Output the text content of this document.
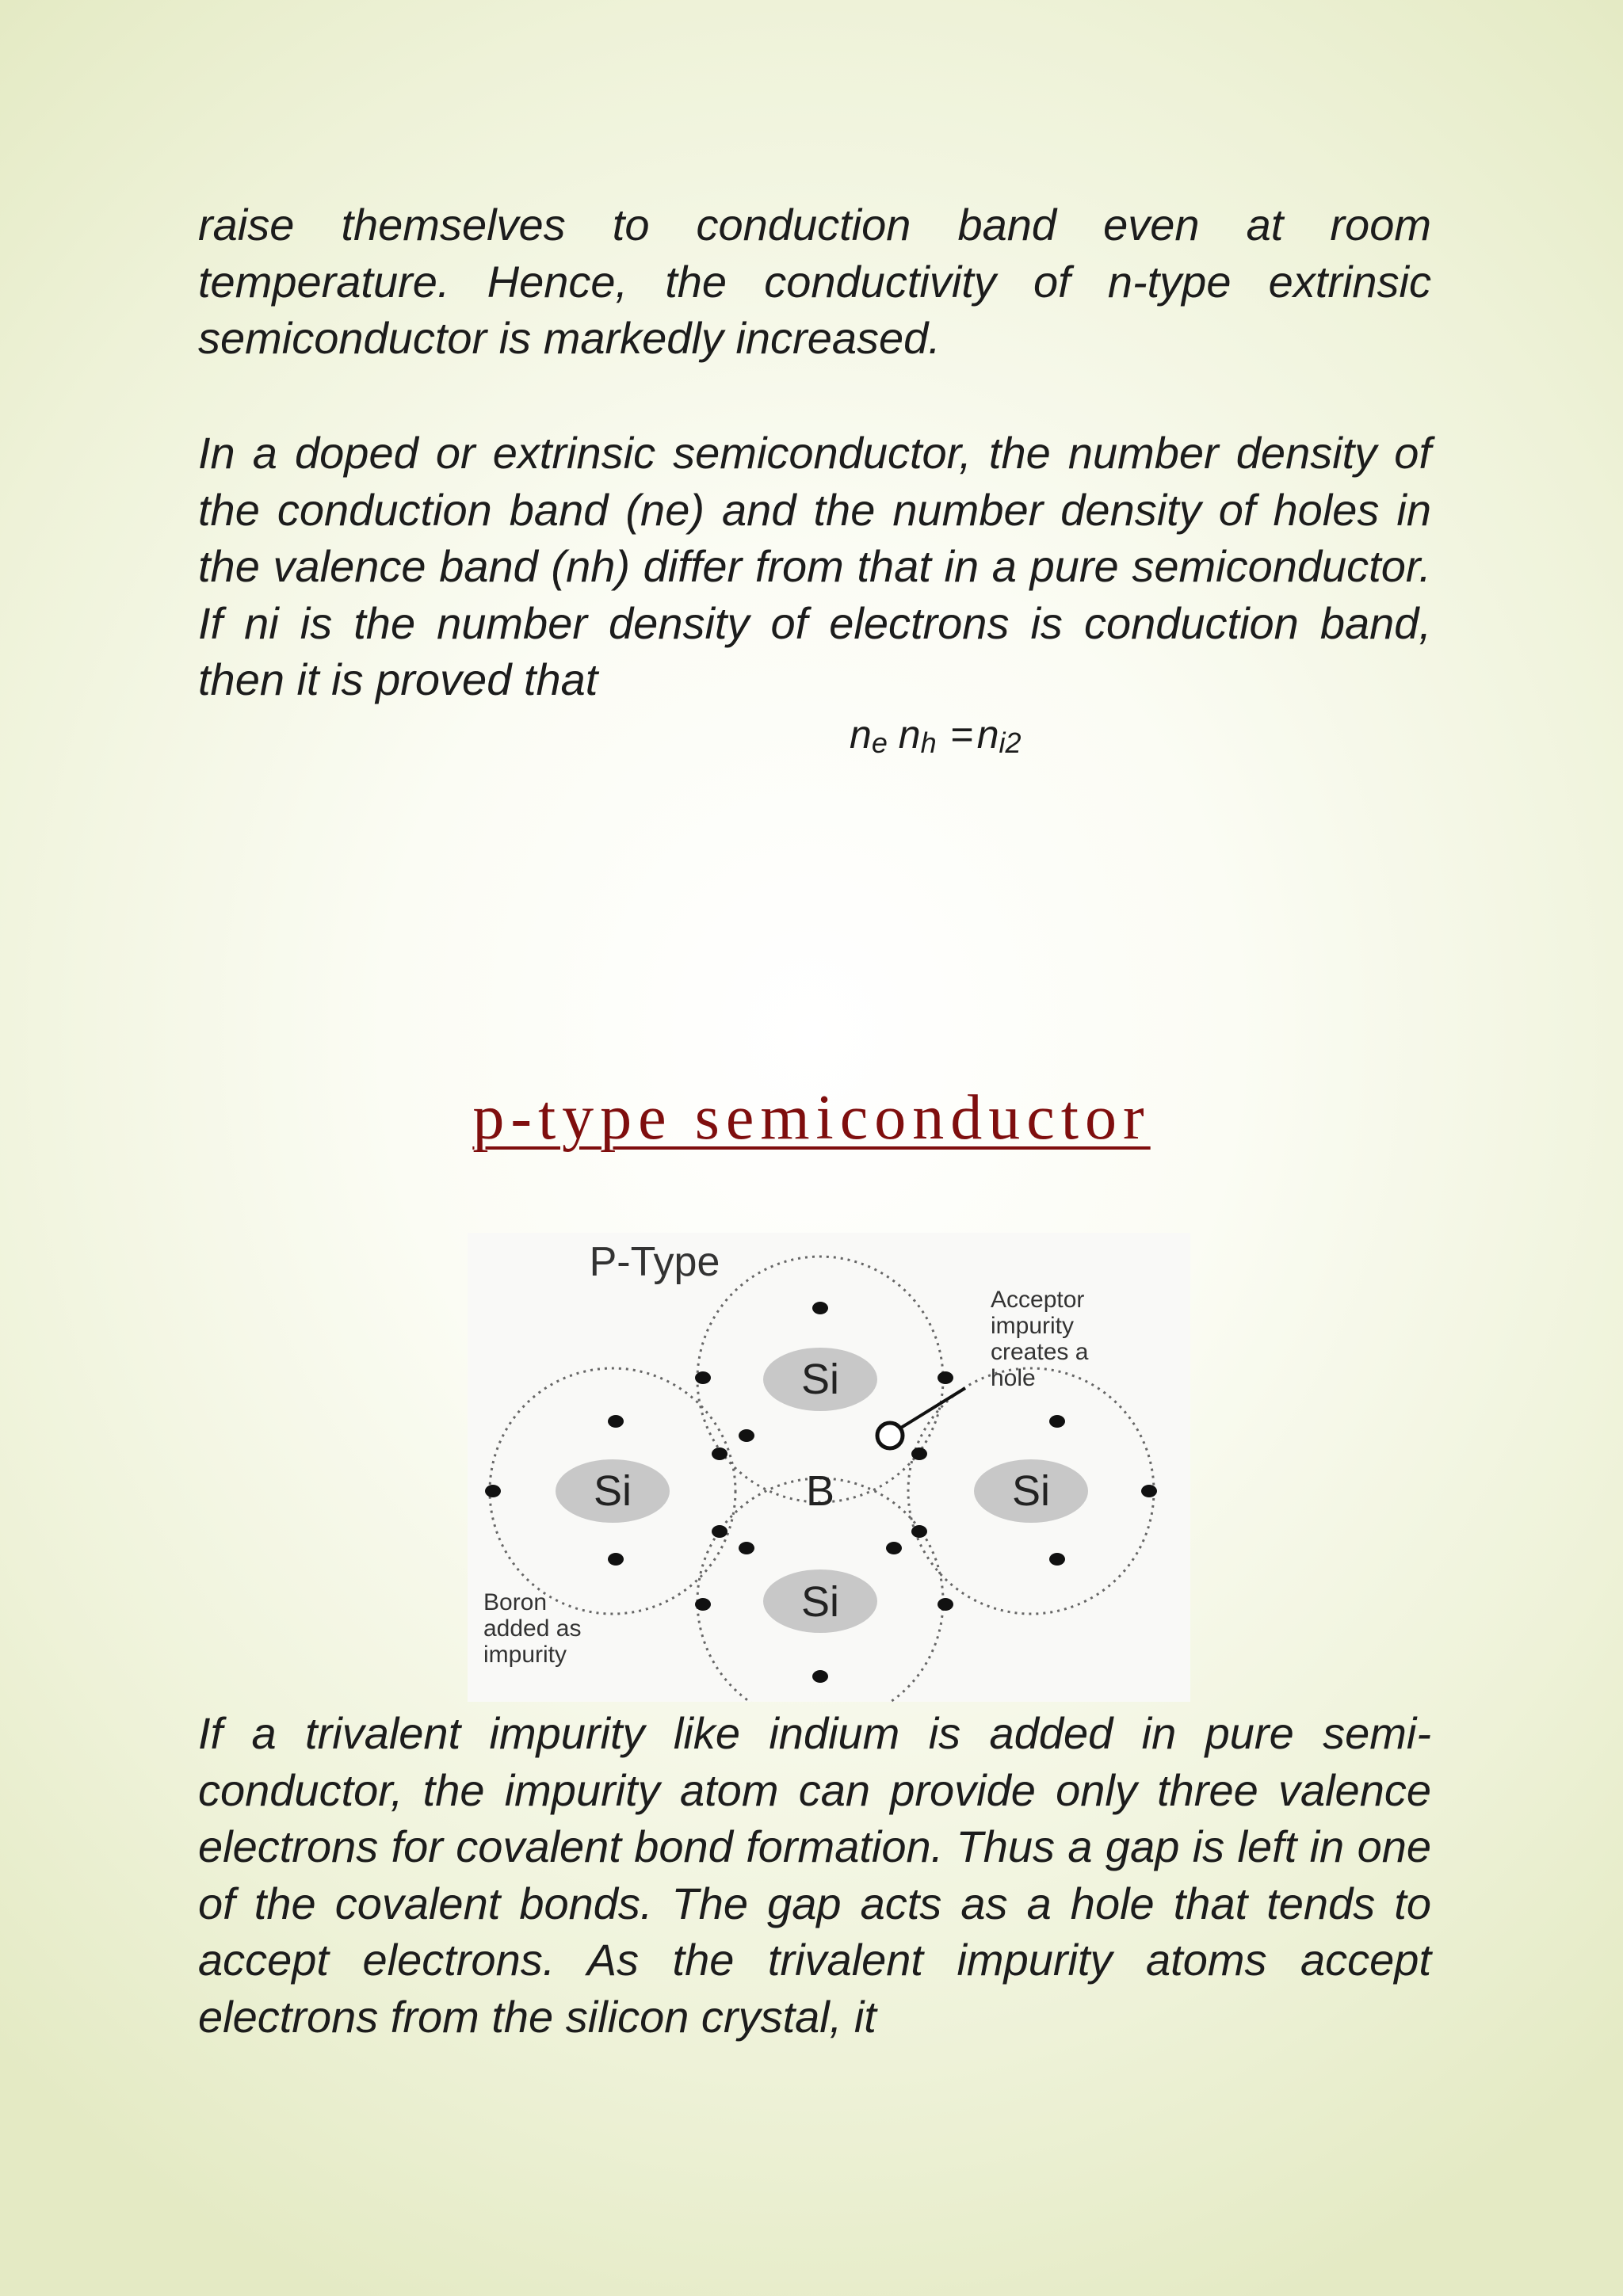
raise themselves to conduction band even at room temperature. Hence, the conductivity of n-type extrinsic semiconductor is markedly increased.

In a doped or extrinsic semiconductor, the number density of the conduction band (ne) and the number density of holes in the valence band (nh) differ from that in a pure semiconductor. If ni is the number density of electrons is conduction band, then it is proved that

ne nh =ni2
p-type semiconductor
P-Type
Si
Si	B	Si
Si
Acceptor
impurity
creates a
hole
Boron
added as
impurity

If a trivalent impurity like indium is added in pure semi-conductor, the impurity atom can provide only three valence electrons for covalent bond formation. Thus a gap is left in one of the covalent bonds. The gap acts as a hole that tends to accept electrons. As the trivalent impurity atoms accept electrons from the silicon crystal, it
